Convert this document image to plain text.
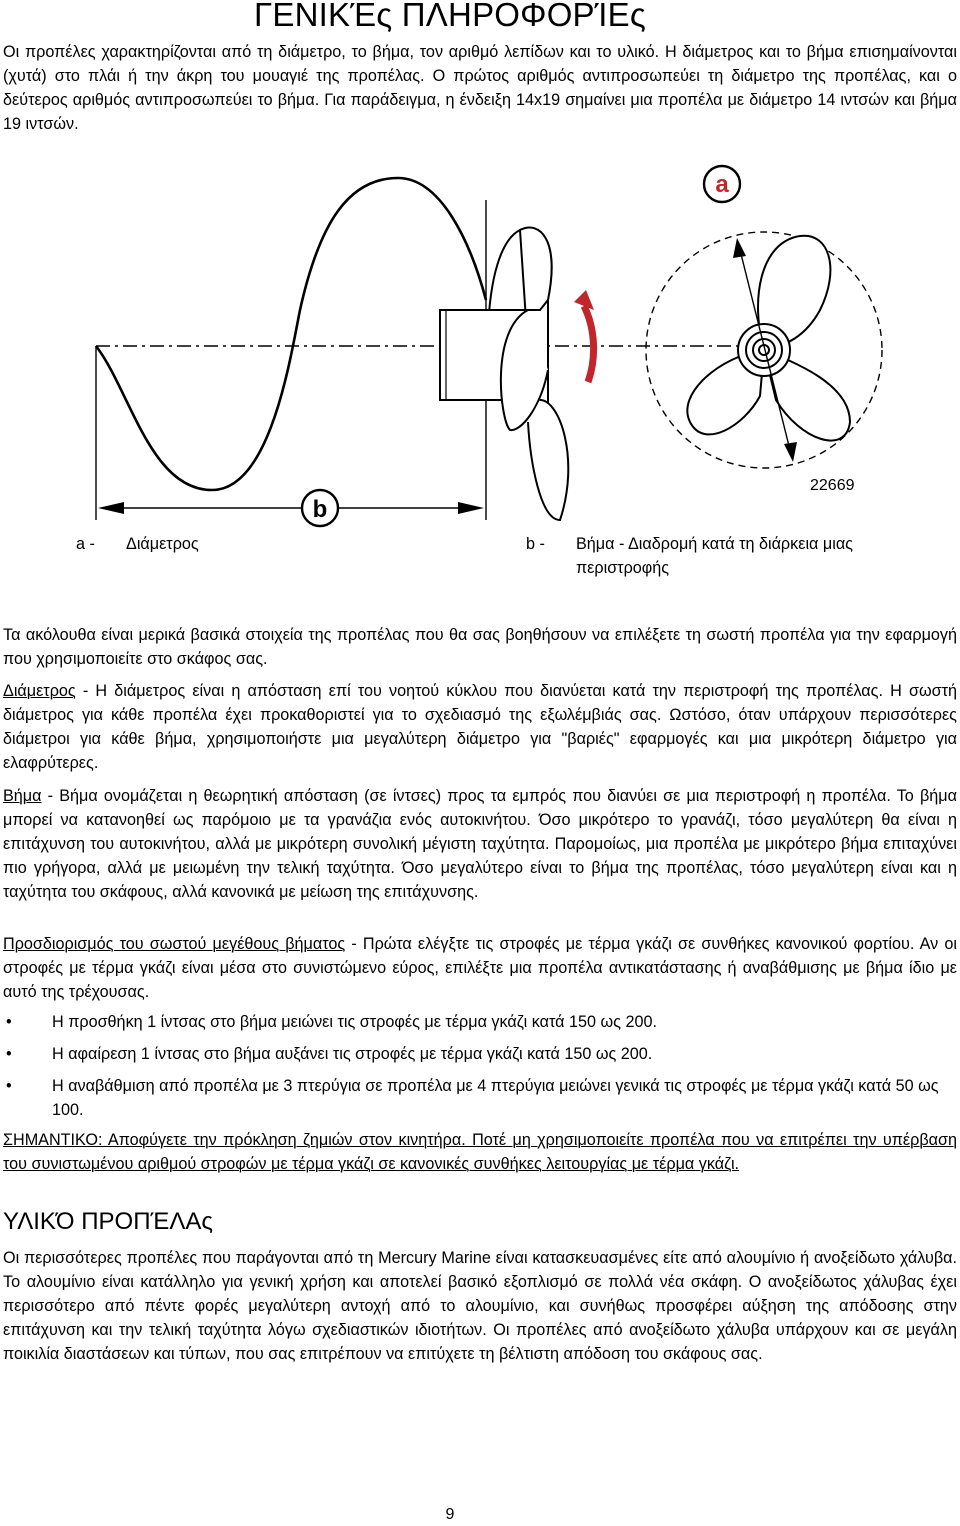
ΓΕΝΙΚΈς ΠΛΗΡΟΦΟΡΊΕς

Οι προπέλες χαρακτηρίζονται από τη διάμετρο, το βήμα, τον αριθμό λεπίδων και το υλικό. Η διάμετρος και το βήμα επισημαίνονται (χυτά) στο πλάι ή την άκρη του μουαγιέ της προπέλας. Ο πρώτος αριθμός αντιπροσωπεύει τη διάμετρο της προπέλας, και ο δεύτερος αριθμός αντιπροσωπεύει το βήμα. Για παράδειγμα, η ένδειξη 14x19 σημαίνει μια προπέλα με διάμετρο 14 ιντσών και βήμα 19 ιντσών.

a
b
22669
a - Διάμετρος	b - Βήμα - Διαδρομή κατά τη διάρκεια μιας περιστροφής

Τα ακόλουθα είναι μερικά βασικά στοιχεία της προπέλας που θα σας βοηθήσουν να επιλέξετε τη σωστή προπέλα για την εφαρμογή που χρησιμοποιείτε στο σκάφος σας.

Διάμετρος - Η διάμετρος είναι η απόσταση επί του νοητού κύκλου που διανύεται κατά την περιστροφή της προπέλας. Η σωστή διάμετρος για κάθε προπέλα έχει προκαθοριστεί για το σχεδιασμό της εξωλέμβιάς σας. Ωστόσο, όταν υπάρχουν περισσότερες διάμετροι για κάθε βήμα, χρησιμοποιήστε μια μεγαλύτερη διάμετρο για "βαριές" εφαρμογές και μια μικρότερη διάμετρο για ελαφρύτερες.

Βήμα - Βήμα ονομάζεται η θεωρητική απόσταση (σε ίντσες) προς τα εμπρός που διανύει σε μια περιστροφή η προπέλα. Το βήμα μπορεί να κατανοηθεί ως παρόμοιο με τα γρανάζια ενός αυτοκινήτου. Όσο μικρότερο το γρανάζι, τόσο μεγαλύτερη θα είναι η επιτάχυνση του αυτοκινήτου, αλλά με μικρότερη συνολική μέγιστη ταχύτητα. Παρομοίως, μια προπέλα με μικρότερο βήμα επιταχύνει πιο γρήγορα, αλλά με μειωμένη την τελική ταχύτητα. Όσο μεγαλύτερο είναι το βήμα της προπέλας, τόσο μεγαλύτερη είναι και η ταχύτητα του σκάφους, αλλά κανονικά με μείωση της επιτάχυνσης.

Προσδιορισμός του σωστού μεγέθους βήματος - Πρώτα ελέγξτε τις στροφές με τέρμα γκάζι σε συνθήκες κανονικού φορτίου. Αν οι στροφές με τέρμα γκάζι είναι μέσα στο συνιστώμενο εύρος, επιλέξτε μια προπέλα αντικατάστασης ή αναβάθμισης με βήμα ίδιο με αυτό της τρέχουσας.

• Η προσθήκη 1 ίντσας στο βήμα μειώνει τις στροφές με τέρμα γκάζι κατά 150 ως 200.
• Η αφαίρεση 1 ίντσας στο βήμα αυξάνει τις στροφές με τέρμα γκάζι κατά 150 ως 200.
• Η αναβάθμιση από προπέλα με 3 πτερύγια σε προπέλα με 4 πτερύγια μειώνει γενικά τις στροφές με τέρμα γκάζι κατά 50 ως 100.

ΣΗΜΑΝΤΙΚΟ: Αποφύγετε την πρόκληση ζημιών στον κινητήρα. Ποτέ μη χρησιμοποιείτε προπέλα που να επιτρέπει την υπέρβαση του συνιστωμένου αριθμού στροφών με τέρμα γκάζι σε κανονικές συνθήκες λειτουργίας με τέρμα γκάζι.

ΥΛΙΚΌ ΠΡΟΠΈΛΑς

Οι περισσότερες προπέλες που παράγονται από τη Mercury Marine είναι κατασκευασμένες είτε από αλουμίνιο ή ανοξείδωτο χάλυβα. Το αλουμίνιο είναι κατάλληλο για γενική χρήση και αποτελεί βασικό εξοπλισμό σε πολλά νέα σκάφη. Ο ανοξείδωτος χάλυβας έχει περισσότερο από πέντε φορές μεγαλύτερη αντοχή από το αλουμίνιο, και συνήθως προσφέρει αύξηση της απόδοσης στην επιτάχυνση και την τελική ταχύτητα λόγω σχεδιαστικών ιδιοτήτων. Οι προπέλες από ανοξείδωτο χάλυβα υπάρχουν και σε μεγάλη ποικιλία διαστάσεων και τύπων, που σας επιτρέπουν να επιτύχετε τη βέλτιστη απόδοση του σκάφους σας.

9
